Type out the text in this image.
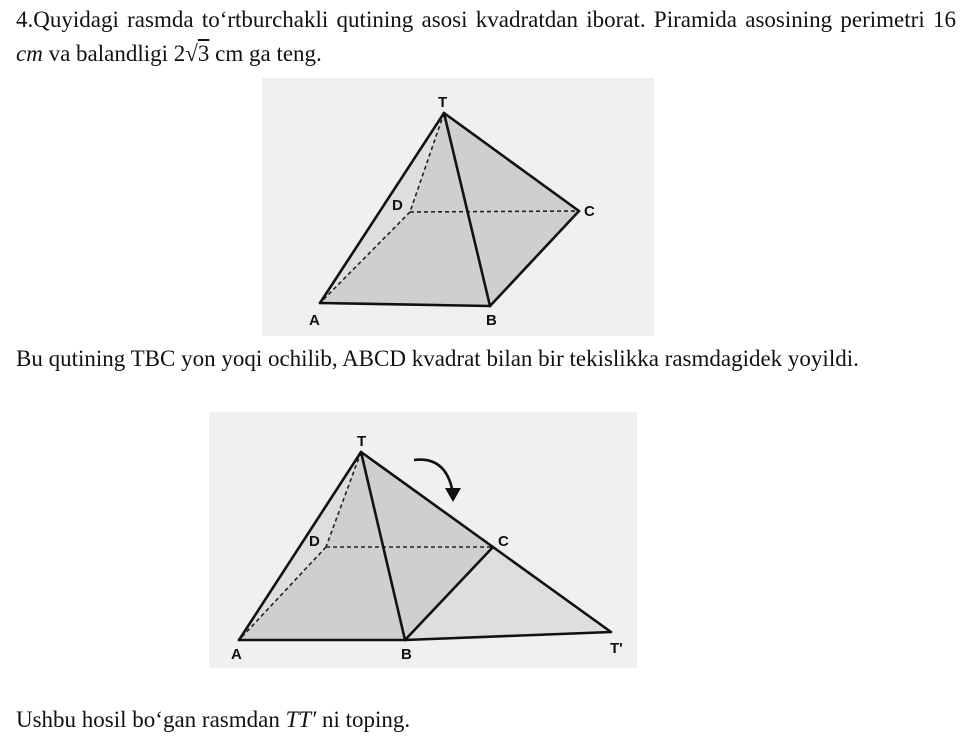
4.Quyidagi rasmda to‘rtburchakli qutining asosi kvadratdan iborat. Piramida asosining perimetri 16 cm va balandligi 2√3 cm ga teng.
T
D	C
A	B
Bu qutining TBC yon yoqi ochilib, ABCD kvadrat bilan bir tekislikka rasmdagidek yoyildi.
T
D	C
A	B	T'
Ushbu hosil bo‘gan rasmdan TT′ ni toping.
